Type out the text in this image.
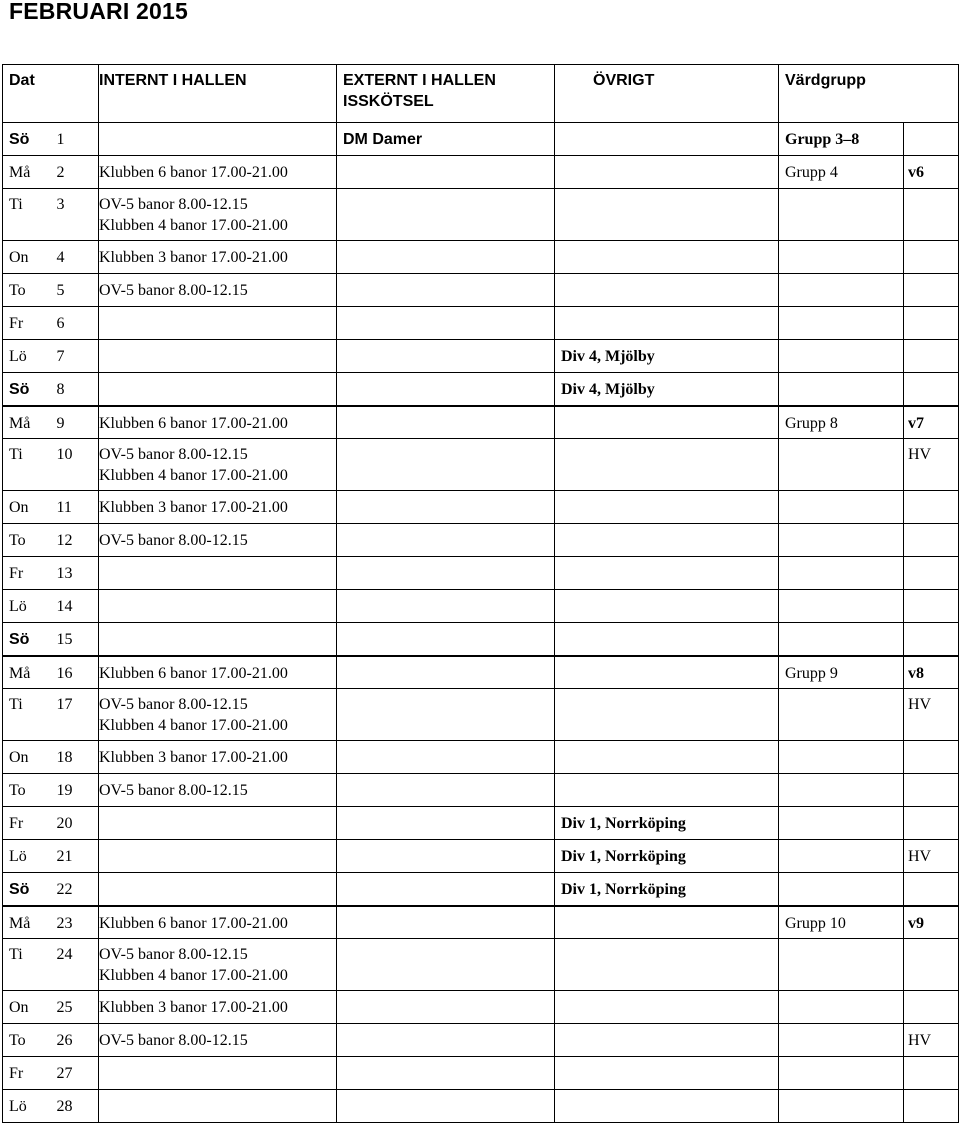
FEBRUARI 2015
Dat		INTERNT I HALLEN	EXTERNT I HALLEN
ISSKÖTSEL	ÖVRIGT	Värdgrupp	

Sö	1		DM Damer		Grupp 3–8	

Må	2	Klubben 6 banor 17.00-21.00			Grupp 4	v6

Ti	3	OV-5 banor 8.00-12.15
Klubben 4 banor 17.00-21.00				

On	4	Klubben 3 banor 17.00-21.00				

To	5	OV-5 banor 8.00-12.15				

Fr	6					

Lö	7			Div 4, Mjölby		

Sö	8			Div 4, Mjölby		

Må	9	Klubben 6 banor 17.00-21.00			Grupp 8	v7

Ti	10	OV-5 banor 8.00-12.15
Klubben 4 banor 17.00-21.00				HV

On	11	Klubben 3 banor 17.00-21.00				

To	12	OV-5 banor 8.00-12.15				

Fr	13					

Lö	14					

Sö	15					

Må	16	Klubben 6 banor 17.00-21.00			Grupp 9	v8

Ti	17	OV-5 banor 8.00-12.15
Klubben 4 banor 17.00-21.00				HV

On	18	Klubben 3 banor 17.00-21.00				

To	19	OV-5 banor 8.00-12.15				

Fr	20			Div 1, Norrköping		

Lö	21			Div 1, Norrköping		HV

Sö	22			Div 1, Norrköping		

Må	23	Klubben 6 banor 17.00-21.00			Grupp 10	v9

Ti	24	OV-5 banor 8.00-12.15
Klubben 4 banor 17.00-21.00				

On	25	Klubben 3 banor 17.00-21.00				

To	26	OV-5 banor 8.00-12.15				HV

Fr	27					

Lö	28					
